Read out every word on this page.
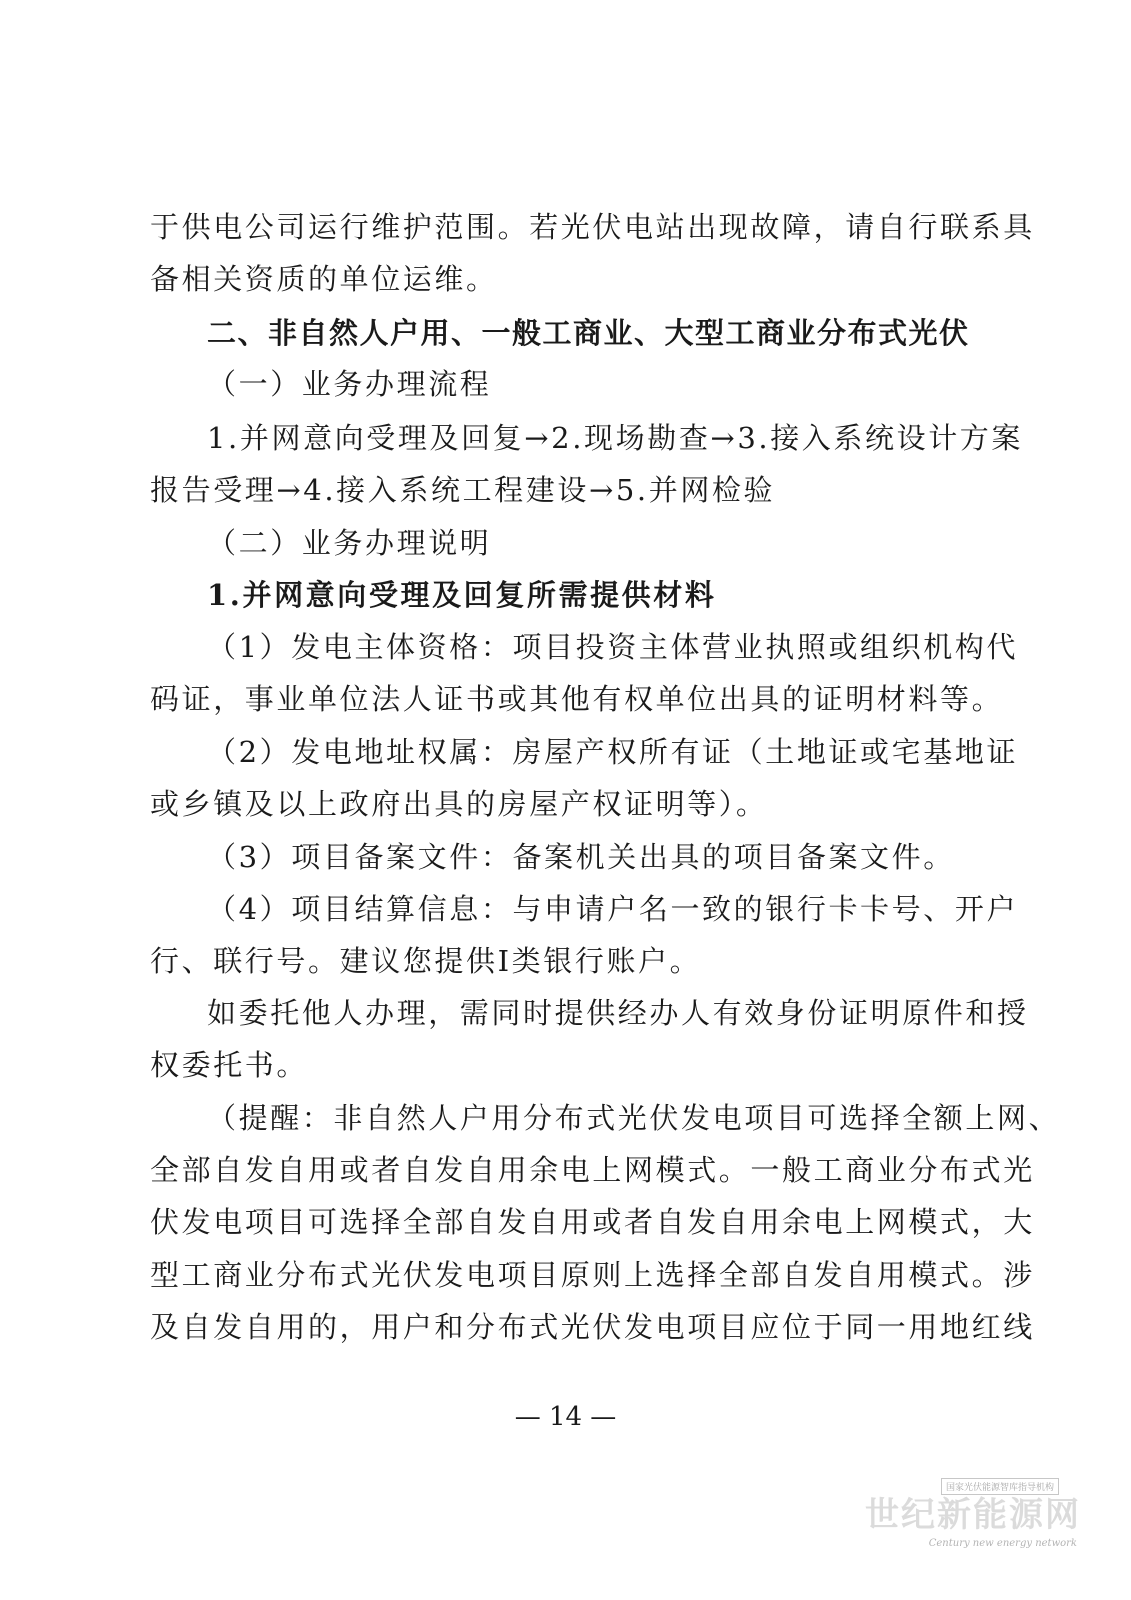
于供电公司运行维护范围。若光伏电站出现故障，请自行联系具
备相关资质的单位运维。
二、非自然人户用、一般工商业、大型工商业分布式光伏
（一）业务办理流程
1.并网意向受理及回复→2.现场勘查→3.接入系统设计方案
报告受理→4.接入系统工程建设→5.并网检验
（二）业务办理说明
1.并网意向受理及回复所需提供材料
（1）发电主体资格：项目投资主体营业执照或组织机构代
码证，事业单位法人证书或其他有权单位出具的证明材料等。
（2）发电地址权属：房屋产权所有证（土地证或宅基地证
或乡镇及以上政府出具的房屋产权证明等）。
（3）项目备案文件：备案机关出具的项目备案文件。
（4）项目结算信息：与申请户名一致的银行卡卡号、开户
行、联行号。建议您提供I类银行账户。
如委托他人办理，需同时提供经办人有效身份证明原件和授
权委托书。
（提醒：非自然人户用分布式光伏发电项目可选择全额上网、
全部自发自用或者自发自用余电上网模式。一般工商业分布式光
伏发电项目可选择全部自发自用或者自发自用余电上网模式，大
型工商业分布式光伏发电项目原则上选择全部自发自用模式。涉
及自发自用的，用户和分布式光伏发电项目应位于同一用地红线
— 14 —
国家光伏能源智库指导机构
世纪新能源网
Century new energy network
